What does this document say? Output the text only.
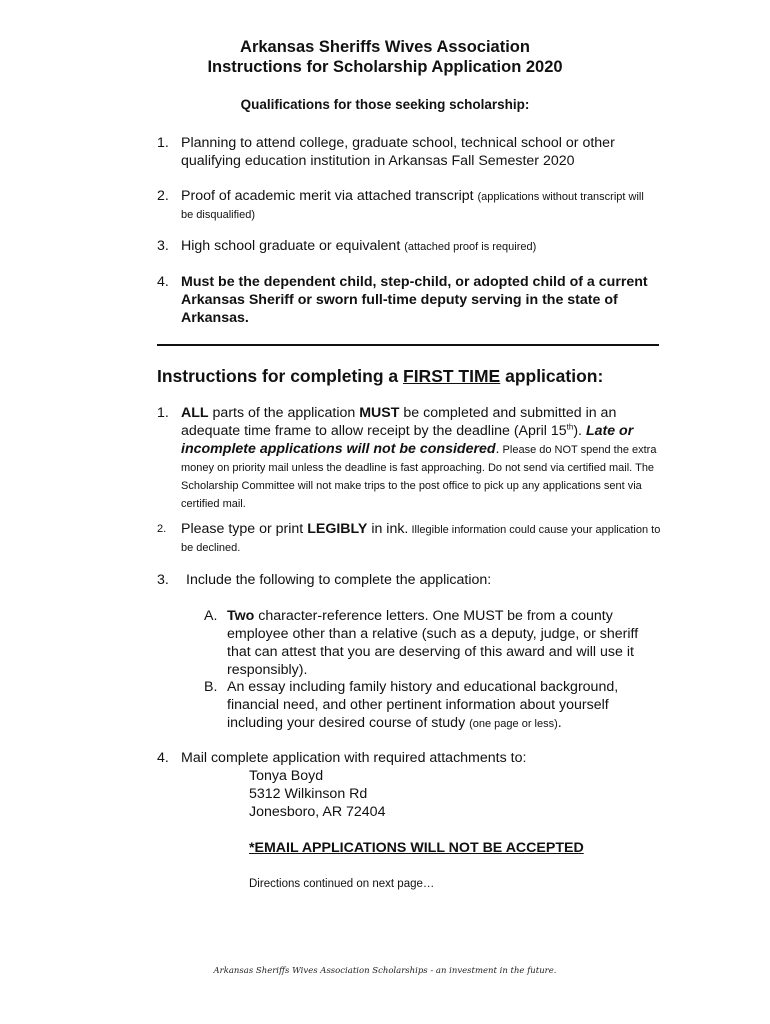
Arkansas Sheriffs Wives Association
Instructions for Scholarship Application 2020
Qualifications for those seeking scholarship:
1. Planning to attend college, graduate school, technical school or other qualifying education institution in Arkansas Fall Semester 2020
2. Proof of academic merit via attached transcript (applications without transcript will be disqualified)
3. High school graduate or equivalent (attached proof is required)
4. Must be the dependent child, step-child, or adopted child of a current Arkansas Sheriff or sworn full-time deputy serving in the state of Arkansas.
Instructions for completing a FIRST TIME application:
1. ALL parts of the application MUST be completed and submitted in an adequate time frame to allow receipt by the deadline (April 15th). Late or incomplete applications will not be considered. Please do NOT spend the extra money on priority mail unless the deadline is fast approaching. Do not send via certified mail. The Scholarship Committee will not make trips to the post office to pick up any applications sent via certified mail.
2. Please type or print LEGIBLY in ink. Illegible information could cause your application to be declined.
3. Include the following to complete the application:
A. Two character-reference letters. One MUST be from a county employee other than a relative (such as a deputy, judge, or sheriff that can attest that you are deserving of this award and will use it responsibly).
B. An essay including family history and educational background, financial need, and other pertinent information about yourself including your desired course of study (one page or less).
4. Mail complete application with required attachments to:
Tonya Boyd
5312 Wilkinson Rd
Jonesboro, AR 72404
*EMAIL APPLICATIONS WILL NOT BE ACCEPTED
Directions continued on next page…
Arkansas Sheriffs Wives Association Scholarships - an investment in the future.
